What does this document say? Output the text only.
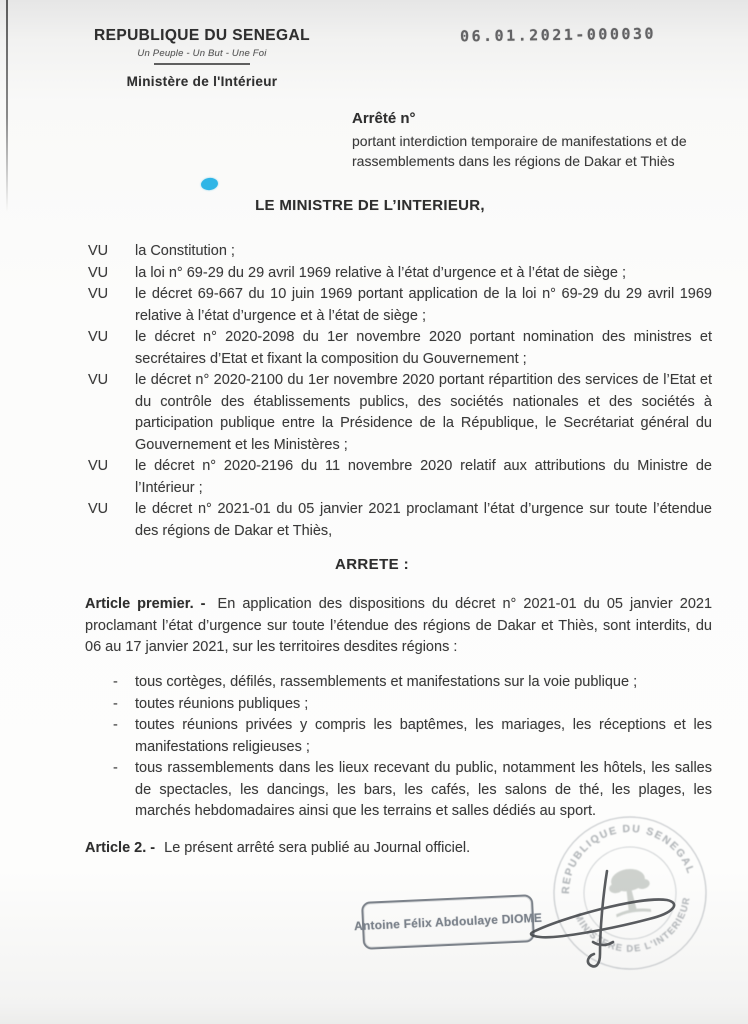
REPUBLIQUE DU SENEGAL
Un Peuple - Un But - Une Foi
Ministère de l'Intérieur
06.01.2021-000030
Arrêté n°
portant interdiction temporaire de manifestations et de rassemblements dans les régions de Dakar et Thiès
LE MINISTRE DE L’INTERIEUR,
VU	la Constitution ;
VU	la loi n° 69-29 du 29 avril 1969 relative à l’état d’urgence et à l’état de siège ;
VU	le décret 69-667 du 10 juin 1969 portant application de la loi n° 69-29 du 29 avril 1969 relative à l’état d’urgence et à l’état de siège ;
VU	le décret n° 2020-2098 du 1er novembre 2020 portant nomination des ministres et secrétaires d’Etat et fixant la composition du Gouvernement ;
VU	le décret n° 2020-2100 du 1er novembre 2020 portant répartition des services de l’Etat et du contrôle des établissements publics, des sociétés nationales et des sociétés à participation publique entre la Présidence de la République, le Secrétariat général du Gouvernement et les Ministères ;
VU	le décret n° 2020-2196 du 11 novembre 2020 relatif aux attributions du Ministre de l’Intérieur ;
VU	le décret n° 2021-01 du 05 janvier 2021 proclamant l’état d’urgence sur toute l’étendue des régions de Dakar et Thiès,
ARRETE :

Article premier. - En application des dispositions du décret n° 2021-01 du 05 janvier 2021 proclamant l’état d’urgence sur toute l’étendue des régions de Dakar et Thiès, sont interdits, du 06 au 17 janvier 2021, sur les territoires desdites régions :

-	tous cortèges, défilés, rassemblements et manifestations sur la voie publique ;
-	toutes réunions publiques ;
-	toutes réunions privées y compris les baptêmes, les mariages, les réceptions et les manifestations religieuses ;
-	tous rassemblements dans les lieux recevant du public, notamment les hôtels, les salles de spectacles, les dancings, les bars, les cafés, les salons de thé, les plages, les marchés hebdomadaires ainsi que les terrains et salles dédiés au sport.

Article 2. - Le présent arrêté sera publié au Journal officiel.

REPUBLIQUE DU SENEGAL
MINISTERE DE L'INTERIEUR
Antoine Félix Abdoulaye DIOME
